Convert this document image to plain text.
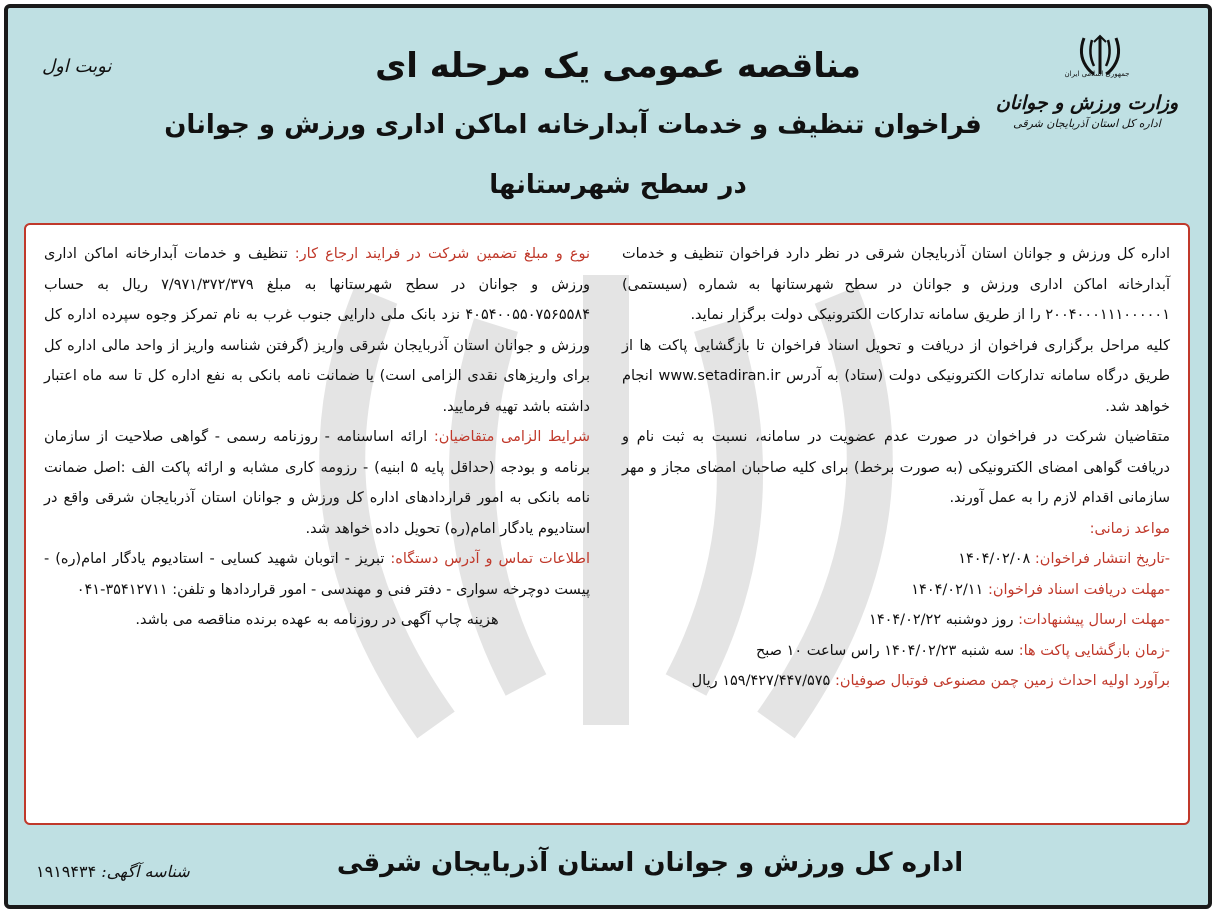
جمهوری اسلامی ایران
وزارت ورزش و جوانان
اداره کل استان آذربایجان شرقی
نوبت اول	مناقصه عمومی یک مرحله ای
فراخوان تنظیف و خدمات آبدارخانه اماکن اداری ورزش و جوانان
در سطح شهرستانها

اداره کل ورزش و جوانان استان آذربایجان شرقی در نظر دارد فراخوان تنظیف و خدمات آبدارخانه اماکن اداری ورزش و جوانان در سطح شهرستانها به شماره (سیستمی) ۲۰۰۴۰۰۰۱۱۱۰۰۰۰۰۱ را از طریق سامانه تدارکات الکترونیکی دولت برگزار نماید.

کلیه مراحل برگزاری فراخوان از دریافت و تحویل اسناد فراخوان تا بازگشایی پاکت ها از طریق درگاه سامانه تدارکات الکترونیکی دولت (ستاد) به آدرس www.setadiran.ir انجام خواهد شد.

متقاضیان شرکت در فراخوان در صورت عدم عضویت در سامانه، نسبت به ثبت نام و دریافت گواهی امضای الکترونیکی (به صورت برخط) برای کلیه صاحبان امضای مجاز و مهر سازمانی اقدام لازم را به عمل آورند.

مواعد زمانی:

-تاریخ انتشار فراخوان: ۱۴۰۴/۰۲/۰۸

-مهلت دریافت اسناد فراخوان: ۱۴۰۴/۰۲/۱۱

-مهلت ارسال پیشنهادات: روز دوشنبه ۱۴۰۴/۰۲/۲۲

-زمان بازگشایی پاکت ها: سه شنبه ۱۴۰۴/۰۲/۲۳ راس ساعت ۱۰ صبح

برآورد اولیه احداث زمین چمن مصنوعی فوتبال صوفیان: ۱۵۹/۴۲۷/۴۴۷/۵۷۵ ریال

نوع و مبلغ تضمین شرکت در فرایند ارجاع کار: تنظیف و خدمات آبدارخانه اماکن اداری ورزش و جوانان در سطح شهرستانها به مبلغ ۷/۹۷۱/۳۷۲/۳۷۹ ریال به حساب ۴۰۵۴۰۰۵۵۰۷۵۶۵۵۸۴ نزد بانک ملی دارایی جنوب غرب به نام تمرکز وجوه سپرده اداره کل ورزش و جوانان استان آذربایجان شرقی واریز (گرفتن شناسه واریز از واحد مالی اداره کل برای واریزهای نقدی الزامی است) یا ضمانت نامه بانکی به نفع اداره کل تا سه ماه اعتبار داشته باشد تهیه فرمایید.

شرایط الزامی متقاضیان: ارائه اساسنامه - روزنامه رسمی - گواهی صلاحیت از سازمان برنامه و بودجه (حداقل پایه ۵ ابنیه) - رزومه کاری مشابه و ارائه پاکت الف :اصل ضمانت نامه بانکی به امور قراردادهای اداره کل ورزش و جوانان استان آذربایجان شرقی واقع در استادیوم یادگار امام(ره) تحویل داده خواهد شد.

اطلاعات تماس و آدرس دستگاه: تبریز - اتوبان شهید کسایی - استادیوم یادگار امام(ره) - پیست دوچرخه سواری - دفتر فنی و مهندسی - امور قراردادها و تلفن: ۳۵۴۱۲۷۱۱-۰۴۱

هزینه چاپ آگهی در روزنامه به عهده برنده مناقصه می باشد.

اداره کل ورزش و جوانان استان آذربایجان شرقی
شناسه آگهی: ۱۹۱۹۴۳۴
